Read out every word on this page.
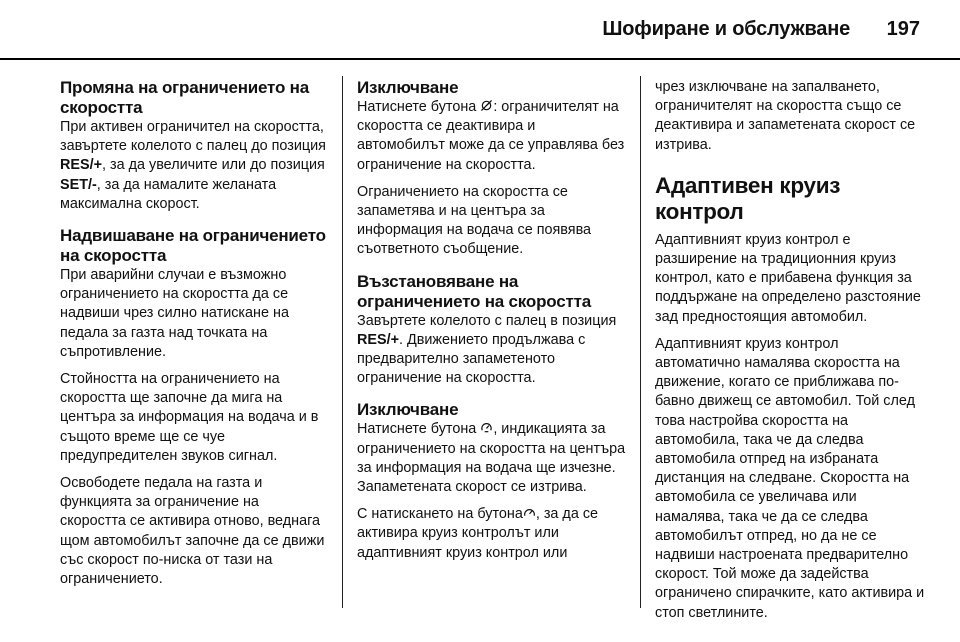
Шофиране и обслужване 197
Промяна на ограничението на скоростта

При активен ограничител на скоростта, завъртете колелото с палец до позиция RES/+, за да увеличите или до позиция SET/-, за да намалите желаната максимална скорост.

Надвишаване на ограничението на скоростта

При аварийни случаи е възможно ограничението на скоростта да се надвиши чрез силно натискане на педала за газта над точката на съпротивление.

Стойността на ограничението на скоростта ще започне да мига на центъра за информация на водача и в същото време ще се чуе предупредителен звуков сигнал.

Освободете педала на газта и функцията за ограничение на скоростта се активира отново, веднага щом автомобилът започне да се движи със скорост по-ниска от тази на ограничението.

Изключване

Натиснете бутона : ограничителят на скоростта се деактивира и автомобилът може да се управлява без ограничение на скоростта.

Ограничението на скоростта се запаметява и на центъра за информация на водача се появява съответното съобщение.

Възстановяване на ограничението на скоростта

Завъртете колелото с палец в позиция RES/+. Движението продължава с предварително запаметеното ограничение на скоростта.

Изключване

Натиснете бутона , индикацията за ограничението на скоростта на центъра за информация на водача ще изчезне. Запаметената скорост се изтрива.

С натискането на бутона , за да се активира круиз контролът или адаптивният круиз контрол или

чрез изключване на запалването, ограничителят на скоростта също се деактивира и запаметената скорост се изтрива.

Адаптивен круиз контрол

Адаптивният круиз контрол е разширение на традиционния круиз контрол, като е прибавена функция за поддържане на определено разстояние зад предностоящия автомобил.

Адаптивният круиз контрол автоматично намалява скоростта на движение, когато се приближава по-бавно движещ се автомобил. Той след това настройва скоростта на автомобила, така че да следва автомобила отпред на избраната дистанция на следване. Скоростта на автомобила се увеличава или намалява, така че да се следва автомобилът отпред, но да не се надвиши настроената предварително скорост. Той може да задейства ограничено спирачките, като активира и стоп светлините.
